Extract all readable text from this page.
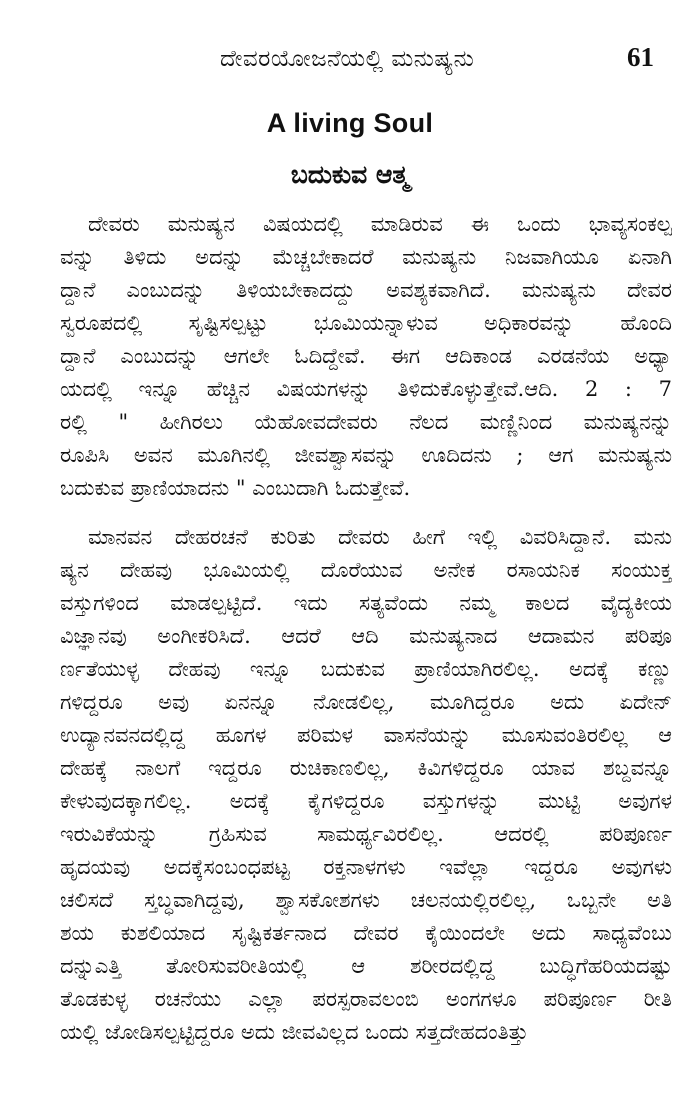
ದೇವರಯೋಜನೆಯಲ್ಲಿ ಮನುಷ್ಯನು	61
A living Soul
ಬದುಕುವ ಆತ್ಮ
ದೇವರು ಮನುಷ್ಯನ ವಿಷಯದಲ್ಲಿ ಮಾಡಿರುವ ಈ ಒಂದು ಭಾವ್ಯಸಂಕಲ್ಪ
ವನ್ನು ತಿಳಿದು ಅದನ್ನು ಮೆಚ್ಚಬೇಕಾದರೆ ಮನುಷ್ಯನು ನಿಜವಾಗಿಯೂ ಏನಾಗಿ
ದ್ದಾನೆ ಎಂಬುದನ್ನು ತಿಳಿಯಬೇಕಾದದ್ದು ಅವಶ್ಯಕವಾಗಿದೆ. ಮನುಷ್ಯನು ದೇವರ
ಸ್ವರೂಪದಲ್ಲಿ ಸೃಷ್ಟಿಸಲ್ಪಟ್ಟು ಭೂಮಿಯನ್ನಾಳುವ ಅಧಿಕಾರವನ್ನು ಹೊಂದಿ
ದ್ದಾನೆ ಎಂಬುದನ್ನು ಆಗಲೇ ಓದಿದ್ದೇವೆ. ಈಗ ಆದಿಕಾಂಡ ಎರಡನೆಯ ಅಧ್ಯಾ
ಯದಲ್ಲಿ ಇನ್ನೂ ಹೆಚ್ಚಿನ ವಿಷಯಗಳನ್ನು ತಿಳಿದುಕೊಳ್ಳುತ್ತೇವೆ.ಆದಿ. 2 : 7
ರಲ್ಲಿ " ಹೀಗಿರಲು ಯೆಹೋವದೇವರು ನೆಲದ ಮಣ್ಣಿನಿಂದ ಮನುಷ್ಯನನ್ನು
ರೂಪಿಸಿ ಅವನ ಮೂಗಿನಲ್ಲಿ ಜೀವಶ್ವಾಸವನ್ನು ಊದಿದನು ; ಆಗ ಮನುಷ್ಯನು
ಬದುಕುವ ಪ್ರಾಣಿಯಾದನು " ಎಂಬುದಾಗಿ ಓದುತ್ತೇವೆ.
ಮಾನವನ ದೇಹರಚನೆ ಕುರಿತು ದೇವರು ಹೀಗೆ ಇಲ್ಲಿ ವಿವರಿಸಿದ್ದಾನೆ. ಮನು
ಷ್ಯನ ದೇಹವು ಭೂಮಿಯಲ್ಲಿ ದೊರೆಯುವ ಅನೇಕ ರಸಾಯನಿಕ ಸಂಯುಕ್ತ
ವಸ್ತುಗಳಿಂದ ಮಾಡಲ್ಪಟ್ಟಿದೆ. ಇದು ಸತ್ಯವೆಂದು ನಮ್ಮ ಕಾಲದ ವೈದ್ಯಕೀಯ
ವಿಜ್ಞಾನವು ಅಂಗೀಕರಿಸಿದೆ. ಆದರೆ ಆದಿ ಮನುಷ್ಯನಾದ ಆದಾಮನ ಪರಿಪೂ
ರ್ಣತೆಯುಳ್ಳ ದೇಹವು ಇನ್ನೂ ಬದುಕುವ ಪ್ರಾಣಿಯಾಗಿರಲಿಲ್ಲ. ಅದಕ್ಕೆ ಕಣ್ಣು
ಗಳಿದ್ದರೂ ಅವು ಏನನ್ನೂ ನೋಡಲಿಲ್ಲ, ಮೂಗಿದ್ದರೂ ಅದು ಏದೇನ್
ಉದ್ಯಾನವನದಲ್ಲಿದ್ದ ಹೂಗಳ ಪರಿಮಳ ವಾಸನೆಯನ್ನು ಮೂಸುವಂತಿರಲಿಲ್ಲ ಆ
ದೇಹಕ್ಕೆ ನಾಲಗೆ ಇದ್ದರೂ ರುಚಿಕಾಣಲಿಲ್ಲ, ಕಿವಿಗಳಿದ್ದರೂ ಯಾವ ಶಬ್ದವನ್ನೂ
ಕೇಳುವುದಕ್ಕಾಗಲಿಲ್ಲ. ಅದಕ್ಕೆ ಕೈಗಳಿದ್ದರೂ ವಸ್ತುಗಳನ್ನು ಮುಟ್ಟಿ ಅವುಗಳ
ಇರುವಿಕೆಯನ್ನು ಗ್ರಹಿಸುವ ಸಾಮರ್ಥ್ಯವಿರಲಿಲ್ಲ. ಆದರಲ್ಲಿ ಪರಿಪೂರ್ಣ
ಹೃದಯವು ಅದಕ್ಕೆಸಂಬಂಧಪಟ್ಟ ರಕ್ತನಾಳಗಳು ಇವೆಲ್ಲಾ ಇದ್ದರೂ ಅವುಗಳು
ಚಲಿಸದೆ ಸ್ತಬ್ಧವಾಗಿದ್ದವು, ಶ್ವಾಸಕೋಶಗಳು ಚಲನಯಲ್ಲಿರಲಿಲ್ಲ, ಒಬ್ಬನೇ ಅತಿ
ಶಯ ಕುಶಲಿಯಾದ ಸೃಷ್ಟಿಕರ್ತನಾದ ದೇವರ ಕೈಯಿಂದಲೇ ಅದು ಸಾಧ್ಯವೆಂಬು
ದನ್ನುಎತ್ತಿ ತೋರಿಸುವರೀತಿಯಲ್ಲಿ ಆ ಶರೀರದಲ್ಲಿದ್ದ ಬುದ್ಧಿಗೆಹರಿಯದಷ್ಟು
ತೊಡಕುಳ್ಳ ರಚನೆಯು ಎಲ್ಲಾ ಪರಸ್ಪರಾವಲಂಬಿ ಅಂಗಗಳೂ ಪರಿಪೂರ್ಣ ರೀತಿ
ಯಲ್ಲಿ ಜೋಡಿಸಲ್ಪಟ್ಟಿದ್ದರೂ ಅದು ಜೀವವಿಲ್ಲದ ಒಂದು ಸತ್ತದೇಹದಂತಿತ್ತು
